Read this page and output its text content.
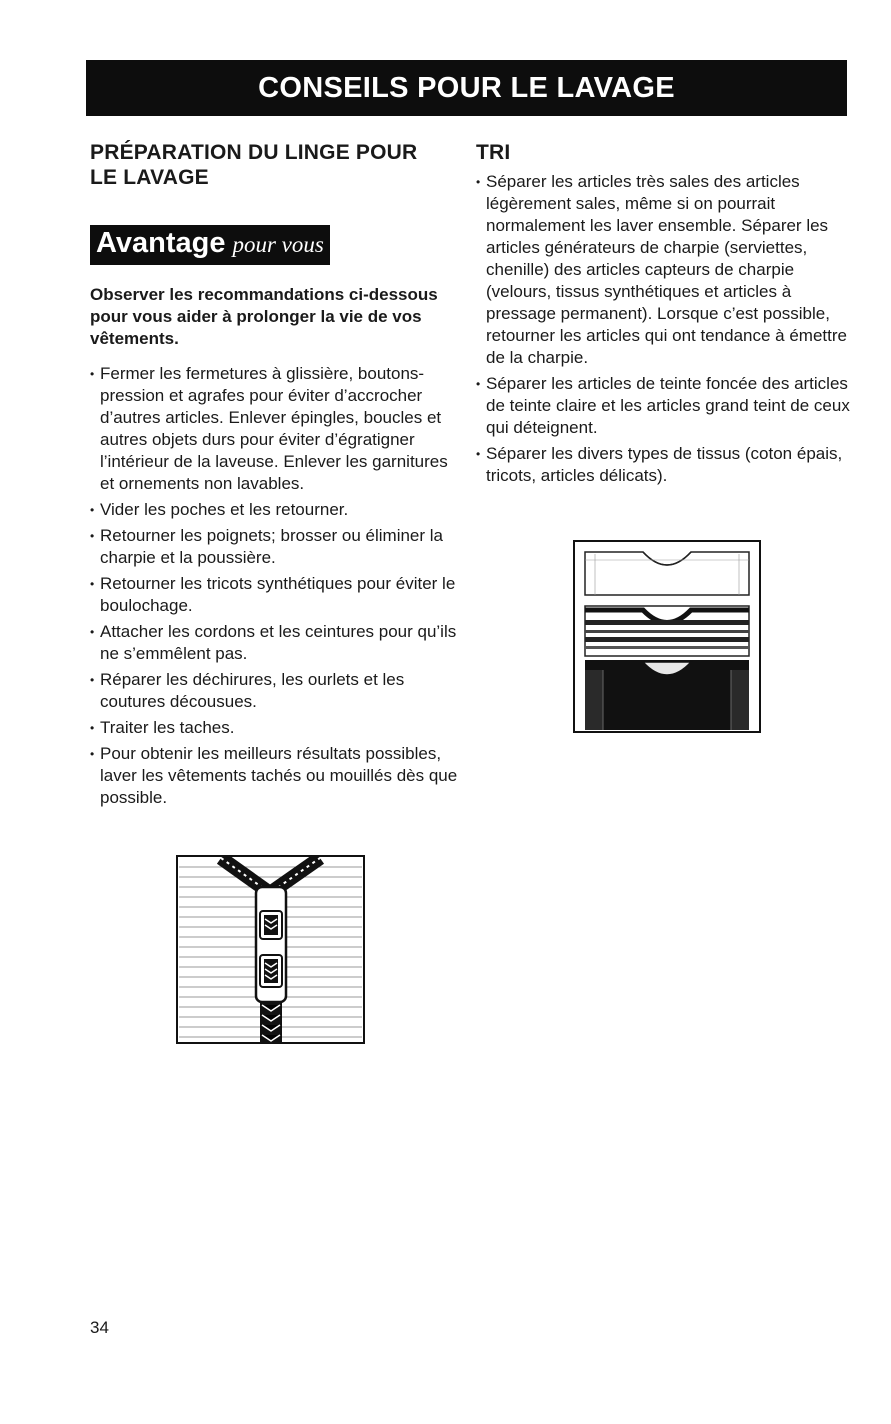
CONSEILS POUR LE LAVAGE
PRÉPARATION DU LINGE POUR
LE LAVAGE
Avantage pour vous

Observer les recommandations ci-dessous pour vous aider à prolonger la vie de vos vêtements.

• Fermer les fermetures à glissière, boutons-pression et agrafes pour éviter d’accrocher d’autres articles. Enlever épingles, boucles et autres objets durs pour éviter d’égratigner l’intérieur de la laveuse. Enlever les garnitures et ornements non lavables.
• Vider les poches et les retourner.
• Retourner les poignets; brosser ou éliminer la charpie et la poussière.
• Retourner les tricots synthétiques pour éviter le boulochage.
• Attacher les cordons et les ceintures pour qu’ils ne s’emmêlent pas.
• Réparer les déchirures, les ourlets et les coutures décousues.
• Traiter les taches.
• Pour obtenir les meilleurs résultats possibles, laver les vêtements tachés ou mouillés dès que possible.
TRI
• Séparer les articles très sales des articles légèrement sales, même si on pourrait normalement les laver ensemble. Séparer les articles générateurs de charpie (serviettes, chenille) des articles capteurs de charpie (velours, tissus synthétiques et articles à pressage permanent). Lorsque c’est possible, retourner les articles qui ont tendance à émettre de la charpie.
• Séparer les articles de teinte foncée des articles de teinte claire et les articles grand teint de ceux qui déteignent.
• Séparer les divers types de tissus (coton épais, tricots, articles délicats).
34
